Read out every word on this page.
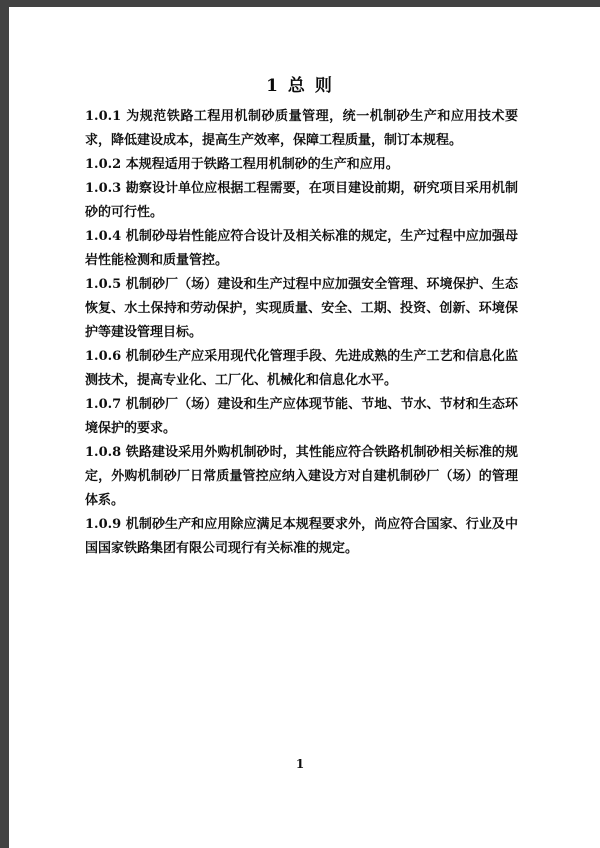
1 总 则

1.0.1 为规范铁路工程用机制砂质量管理，统一机制砂生产和应用技术要求，降低建设成本，提高生产效率，保障工程质量，制订本规程。

1.0.2 本规程适用于铁路工程用机制砂的生产和应用。

1.0.3 勘察设计单位应根据工程需要，在项目建设前期，研究项目采用机制砂的可行性。

1.0.4 机制砂母岩性能应符合设计及相关标准的规定，生产过程中应加强母岩性能检测和质量管控。

1.0.5 机制砂厂（场）建设和生产过程中应加强安全管理、环境保护、生态恢复、水土保持和劳动保护，实现质量、安全、工期、投资、创新、环境保护等建设管理目标。

1.0.6 机制砂生产应采用现代化管理手段、先进成熟的生产工艺和信息化监测技术，提高专业化、工厂化、机械化和信息化水平。

1.0.7 机制砂厂（场）建设和生产应体现节能、节地、节水、节材和生态环境保护的要求。

1.0.8 铁路建设采用外购机制砂时，其性能应符合铁路机制砂相关标准的规定，外购机制砂厂日常质量管控应纳入建设方对自建机制砂厂（场）的管理体系。

1.0.9 机制砂生产和应用除应满足本规程要求外，尚应符合国家、行业及中国国家铁路集团有限公司现行有关标准的规定。

1
